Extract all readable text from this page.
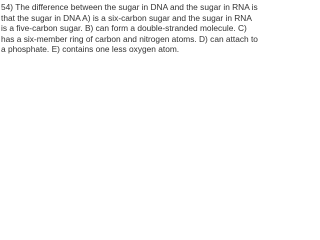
54) The difference between the sugar in DNA and the sugar in RNA is that the sugar in DNA A) is a six-carbon sugar and the sugar in RNA is a five-carbon sugar. B) can form a double-stranded molecule. C) has a six-member ring of carbon and nitrogen atoms. D) can attach to a phosphate. E) contains one less oxygen atom.
